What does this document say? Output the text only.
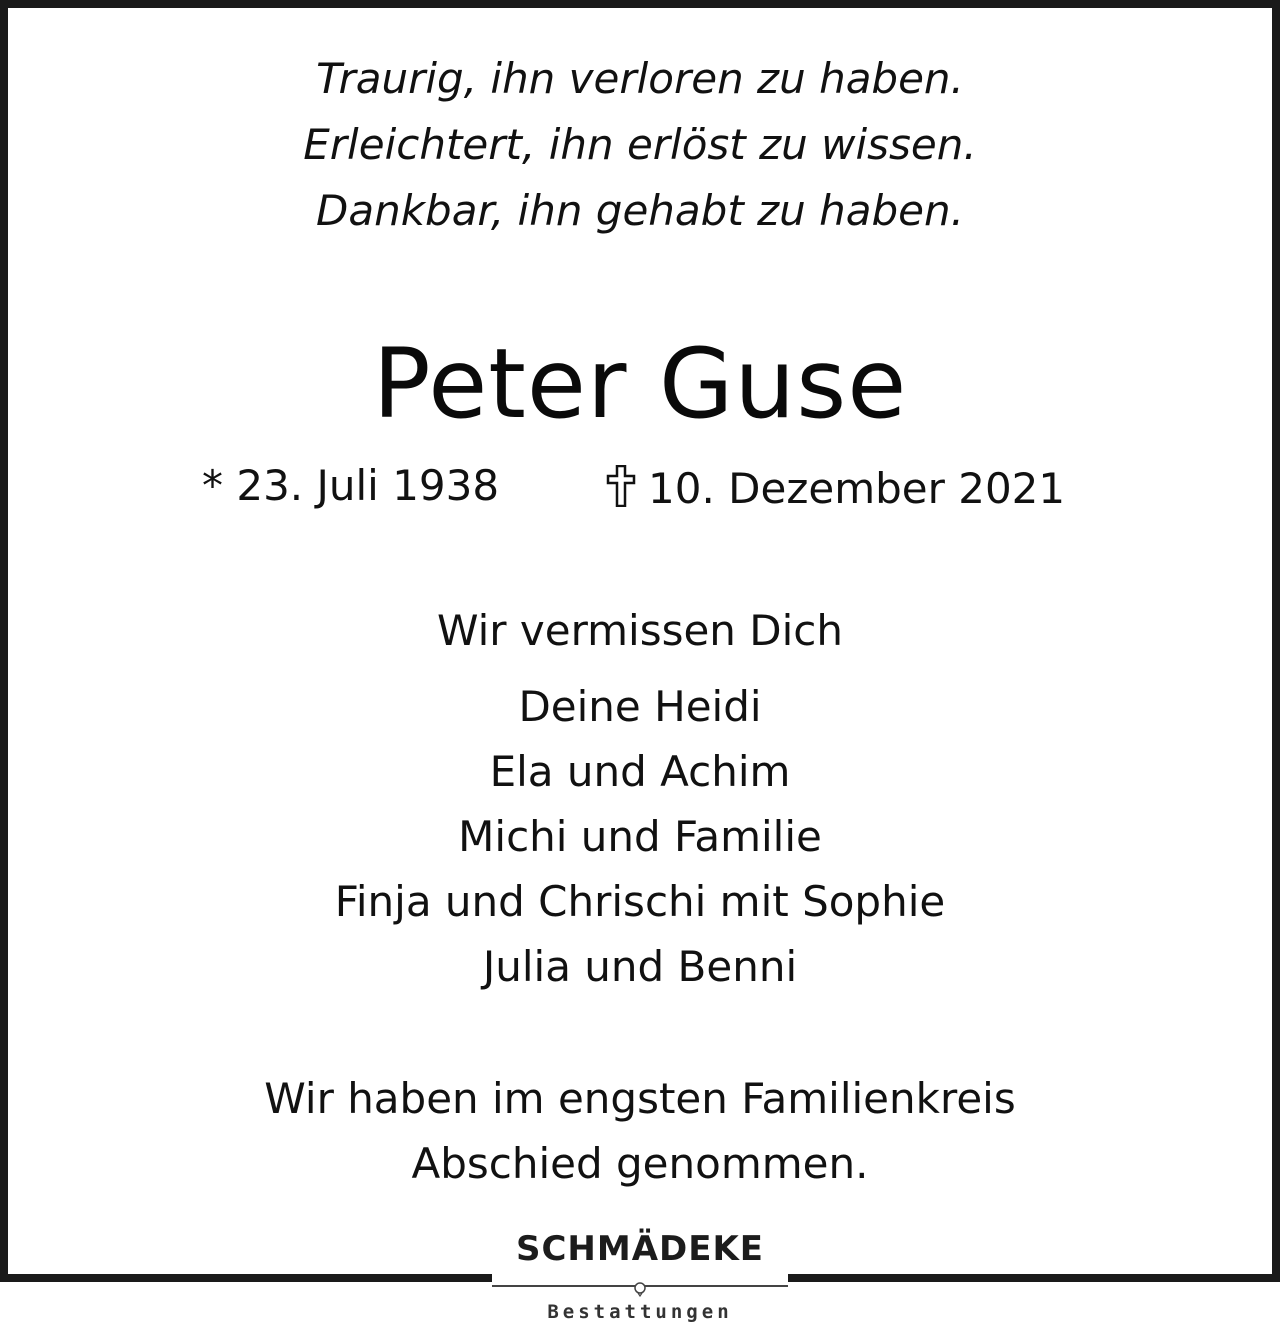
Traurig, ihn verloren zu haben.
Erleichtert, ihn erlöst zu wissen.
Dankbar, ihn gehabt zu haben.
Peter Guse
* 23. Juli 1938	10. Dezember 2021
Wir vermissen Dich
Deine Heidi
Ela und Achim
Michi und Familie
Finja und Chrischi mit Sophie
Julia und Benni
Wir haben im engsten Familienkreis
Abschied genommen.
SCHMÄDEKE
Bestattungen
